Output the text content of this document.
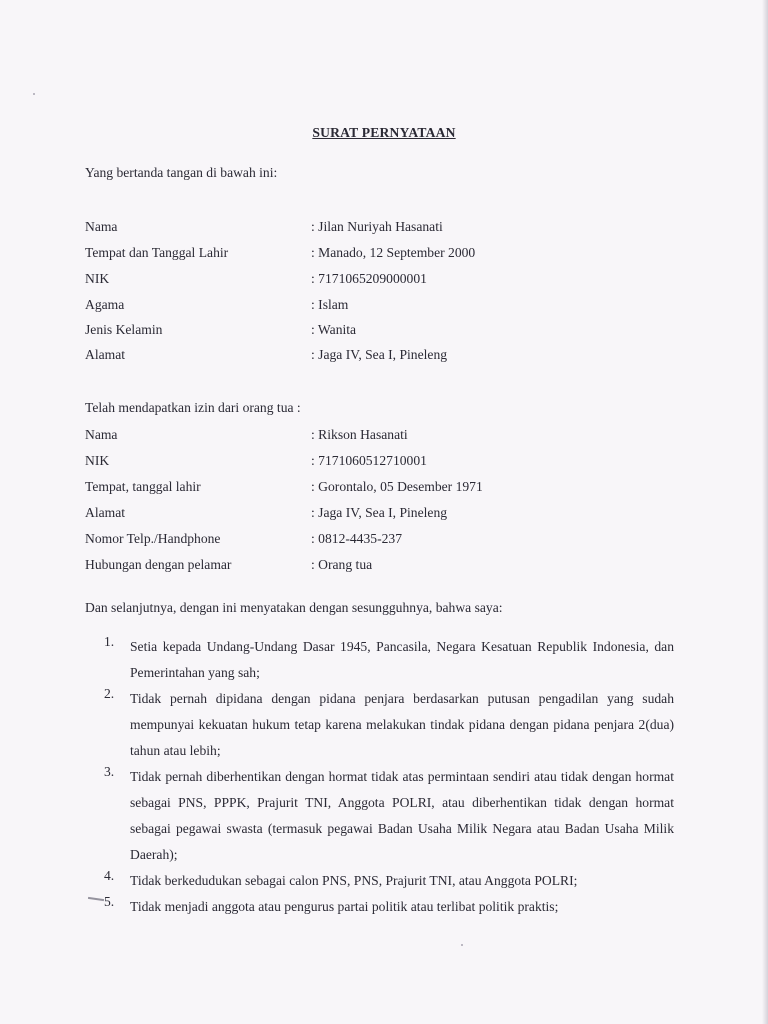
SURAT PERNYATAAN
Yang bertanda tangan di bawah ini:
Nama	: Jilan Nuriyah Hasanati
Tempat dan Tanggal Lahir	: Manado, 12 September 2000
NIK	: 7171065209000001
Agama	: Islam
Jenis Kelamin	: Wanita
Alamat	: Jaga IV, Sea I, Pineleng
Telah mendapatkan izin dari orang tua :
Nama	: Rikson Hasanati
NIK	: 7171060512710001
Tempat, tanggal lahir	: Gorontalo, 05 Desember 1971
Alamat	: Jaga IV, Sea I, Pineleng
Nomor Telp./Handphone	: 0812-4435-237
Hubungan dengan pelamar	: Orang tua
Dan selanjutnya, dengan ini menyatakan dengan sesungguhnya, bahwa saya:
1. Setia kepada Undang-Undang Dasar 1945, Pancasila, Negara Kesatuan Republik Indonesia, dan Pemerintahan yang sah;
2. Tidak pernah dipidana dengan pidana penjara berdasarkan putusan pengadilan yang sudah mempunyai kekuatan hukum tetap karena melakukan tindak pidana dengan pidana penjara 2(dua) tahun atau lebih;
3. Tidak pernah diberhentikan dengan hormat tidak atas permintaan sendiri atau tidak dengan hormat sebagai PNS, PPPK, Prajurit TNI, Anggota POLRI, atau diberhentikan tidak dengan hormat sebagai pegawai swasta (termasuk pegawai Badan Usaha Milik Negara atau Badan Usaha Milik Daerah);
4. Tidak berkedudukan sebagai calon PNS, PNS, Prajurit TNI, atau Anggota POLRI;
5. Tidak menjadi anggota atau pengurus partai politik atau terlibat politik praktis;
